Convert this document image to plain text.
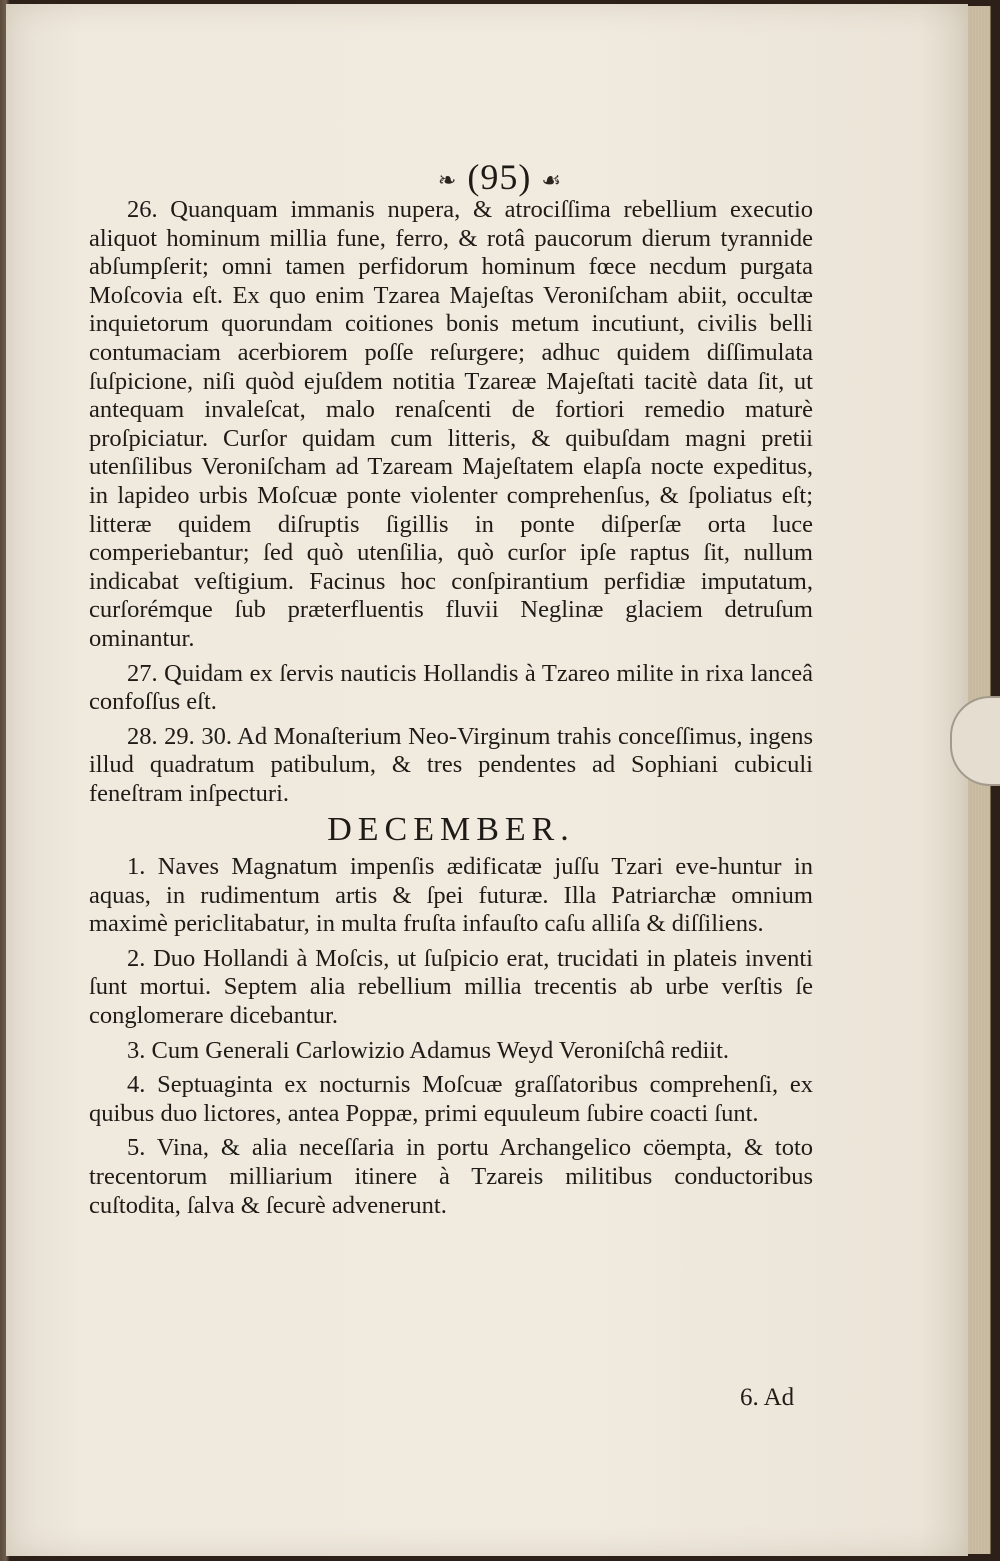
❧ (95) ☙

26. Quanquam immanis nupera, & atrociſſima rebellium executio aliquot hominum millia fune, ferro, & rotâ paucorum dierum tyrannide abſumpſerit; omni tamen perfidorum hominum fœce necdum purgata Moſcovia eſt. Ex quo enim Tzarea Majeſtas Veroniſcham abiit, occultæ inquietorum quorundam coitiones bonis metum incutiunt, civilis belli contumaciam acerbiorem poſſe reſurgere; adhuc quidem diſſimulata ſuſpicione, niſi quòd ejuſdem notitia Tzareæ Majeſtati tacitè data ſit, ut antequam invaleſcat, malo renaſcenti de fortiori remedio maturè proſpiciatur. Curſor quidam cum litteris, & quibuſdam magni pretii utenſilibus Veroniſcham ad Tzaream Majeſtatem elapſa nocte expeditus, in lapideo urbis Moſcuæ ponte violenter comprehenſus, & ſpoliatus eſt; litteræ quidem diſruptis ſigillis in ponte diſperſæ orta luce comperiebantur; ſed quò utenſilia, quò curſor ipſe raptus ſit, nullum indicabat veſtigium. Facinus hoc conſpirantium perfidiæ imputatum, curſorémque ſub præterfluentis fluvii Neglinæ glaciem detruſum ominantur.

27. Quidam ex ſervis nauticis Hollandis à Tzareo milite in rixa lanceâ confoſſus eſt.

28. 29. 30. Ad Monaſterium Neo-Virginum trahis conceſſimus, ingens illud quadratum patibulum, & tres pendentes ad Sophiani cubiculi feneſtram inſpecturi.

DECEMBER.

1. Naves Magnatum impenſis ædificatæ juſſu Tzari eve-huntur in aquas, in rudimentum artis & ſpei futuræ. Illa Patriarchæ omnium maximè periclitabatur, in multa fruſta infauſto caſu alliſa & diſſiliens.

2. Duo Hollandi à Moſcis, ut ſuſpicio erat, trucidati in plateis inventi ſunt mortui. Septem alia rebellium millia trecentis ab urbe verſtis ſe conglomerare dicebantur.

3. Cum Generali Carlowizio Adamus Weyd Veroniſchâ rediit.

4. Septuaginta ex nocturnis Moſcuæ graſſatoribus comprehenſi, ex quibus duo lictores, antea Poppæ, primi equuleum ſubire coacti ſunt.

5. Vina, & alia neceſſaria in portu Archangelico cöempta, & toto trecentorum milliarium itinere à Tzareis militibus conductoribus cuſtodita, ſalva & ſecurè advenerunt.

6. Ad
